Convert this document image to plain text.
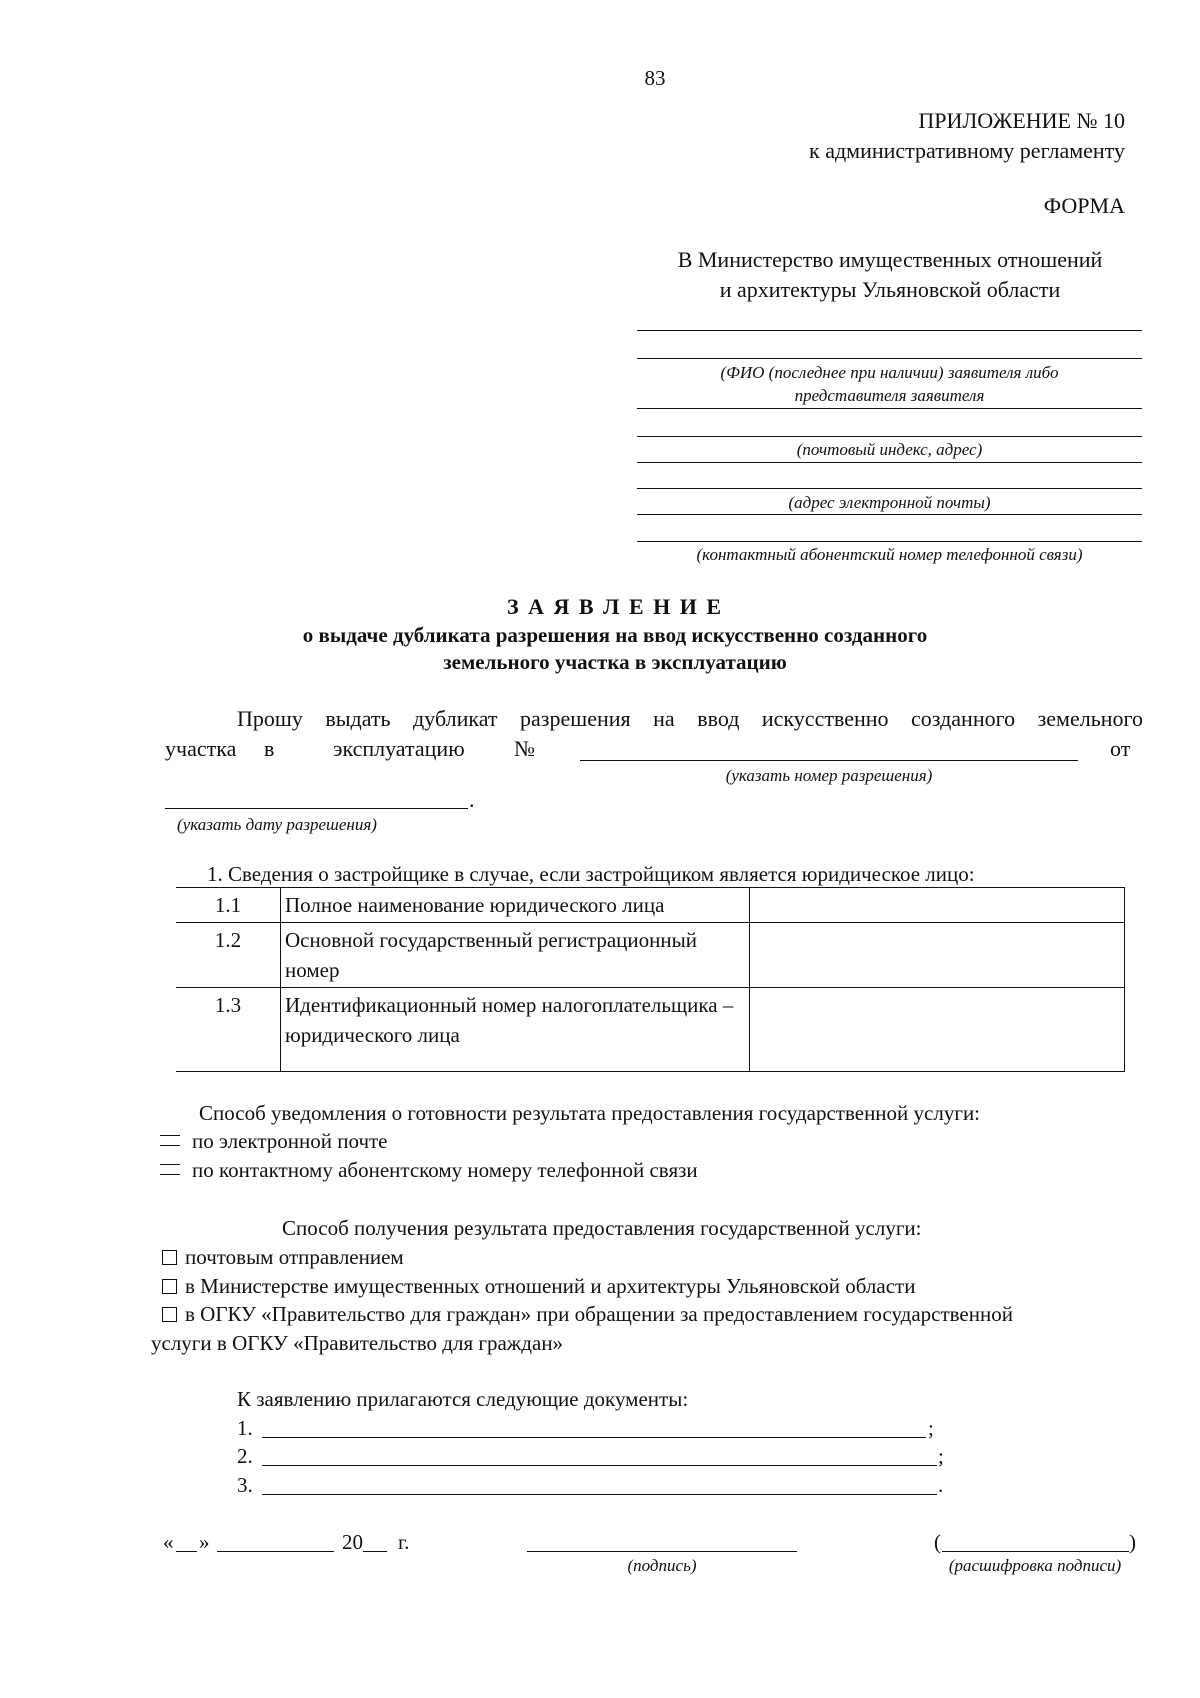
83
ПРИЛОЖЕНИЕ № 10
к административному регламенту
ФОРМА
В Министерство имущественных отношений
и архитектуры Ульяновской области
(ФИО (последнее при наличии) заявителя либо
представителя заявителя
(почтовый индекс, адрес)
(адрес электронной почты)
(контактный абонентский номер телефонной связи)
З А Я В Л Е Н И Е
о выдаче дубликата разрешения на ввод искусственно созданного
земельного участка в эксплуатацию
Прошу выдать дубликат разрешения на ввод искусственно созданного земельного
участка в	эксплуатацию №	от
(указать номер разрешения)
.
(указать дату разрешения)
1. Сведения о застройщике в случае, если застройщиком является юридическое лицо:
1.1	Полное наименование юридического лица	
1.2	Основной государственный регистрационный номер	
1.3	Идентификационный номер налогоплательщика – юридического лица	
Способ уведомления о готовности результата предоставления государственной услуги:
по электронной почте
по контактному абонентскому номеру телефонной связи
Способ получения результата предоставления государственной услуги:
почтовым отправлением
в Министерстве имущественных отношений и архитектуры Ульяновской области
в ОГКУ «Правительство для граждан» при обращении за предоставлением государственной
услуги в ОГКУ «Правительство для граждан»
К заявлению прилагаются следующие документы:
1.	;
2.	;
3.	.
« »	20 г.
(подпись)
(	)
(расшифровка подписи)
